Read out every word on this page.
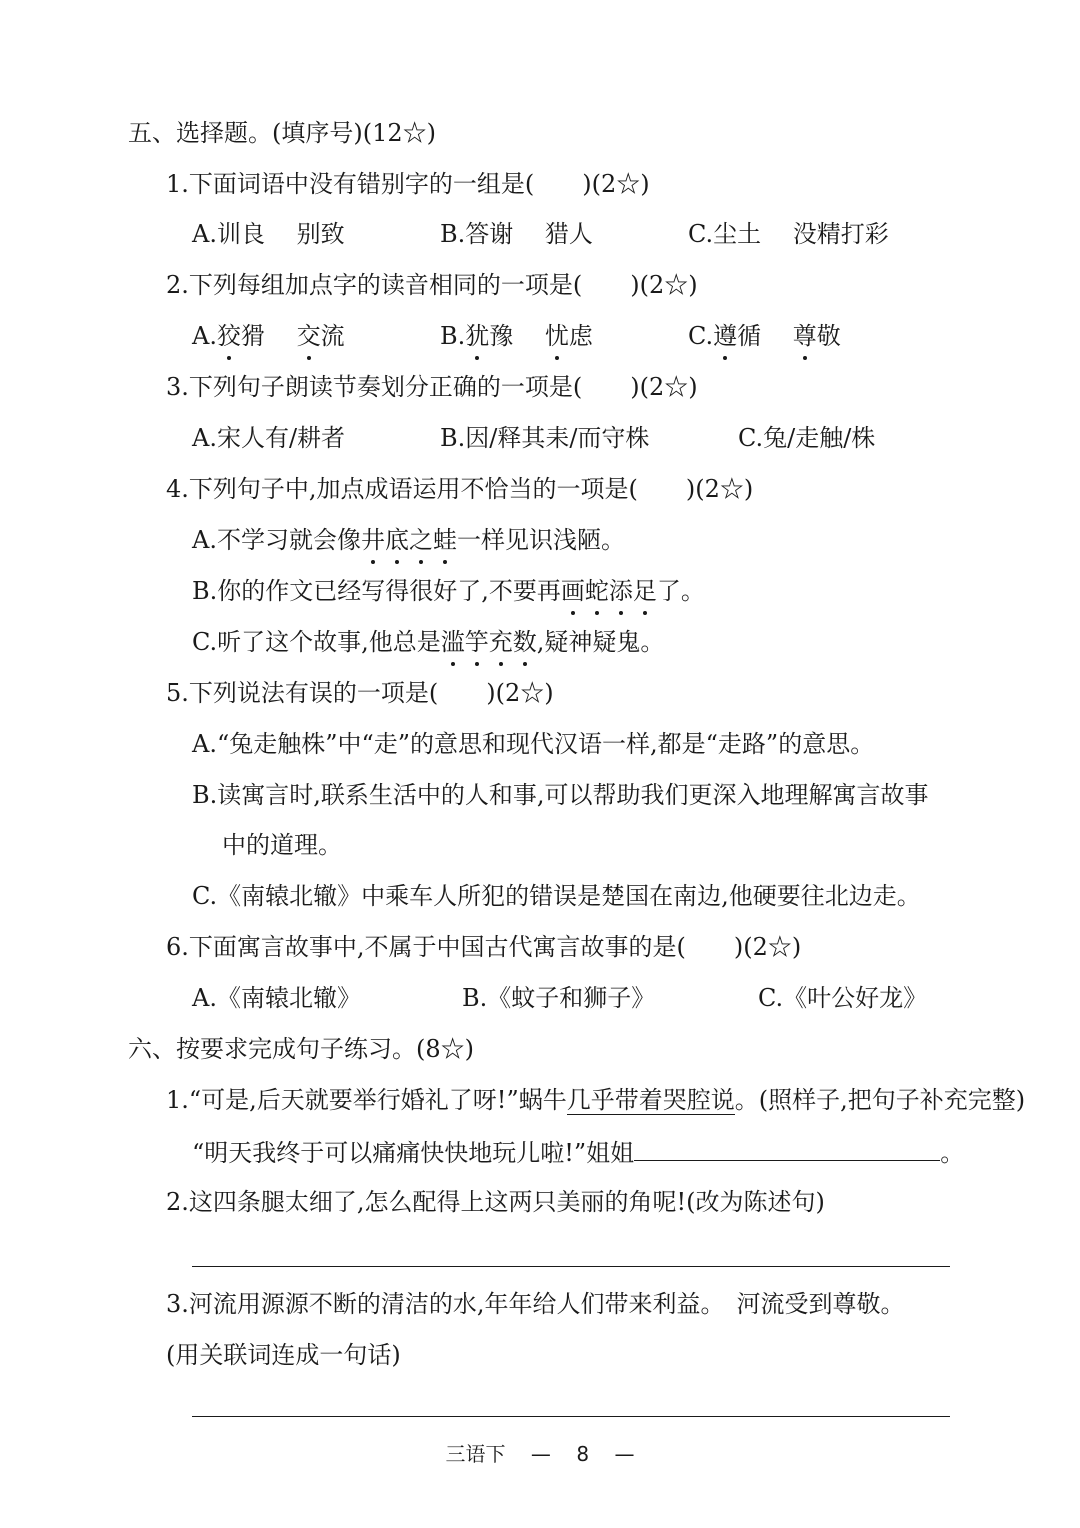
五、选择题。(填序号)(12☆)
1.下面词语中没有错别字的一组是(　　)(2☆)
A.训良　 别致	B.答谢　 猎人	C.尘土　 没精打彩
2.下列每组加点字的读音相同的一项是(　　)(2☆)
A.狡猾　 交流	B.犹豫　 忧虑	C.遵循　 尊敬
3.下列句子朗读节奏划分正确的一项是(　　)(2☆)
A.宋人有/耕者	B.因/释其耒/而守株	C.兔/走触/株
4.下列句子中,加点成语运用不恰当的一项是(　　)(2☆)
A.不学习就会像井底之蛙一样见识浅陋。
B.你的作文已经写得很好了,不要再画蛇添足了。
C.听了这个故事,他总是滥竽充数,疑神疑鬼。
5.下列说法有误的一项是(　　)(2☆)
A.“兔走触株”中“走”的意思和现代汉语一样,都是“走路”的意思。
B.读寓言时,联系生活中的人和事,可以帮助我们更深入地理解寓言故事
中的道理。
C.《南辕北辙》中乘车人所犯的错误是楚国在南边,他硬要往北边走。
6.下面寓言故事中,不属于中国古代寓言故事的是(　　)(2☆)
A.《南辕北辙》	B.《蚊子和狮子》	C.《叶公好龙》
六、按要求完成句子练习。(8☆)
1.“可是,后天就要举行婚礼了呀!”蜗牛几乎带着哭腔说。(照样子,把句子补充完整)
“明天我终于可以痛痛快快地玩儿啦!”姐姐	。
2.这四条腿太细了,怎么配得上这两只美丽的角呢!(改为陈述句)
3.河流用源源不断的清洁的水,年年给人们带来利益。　河流受到尊敬。
(用关联词连成一句话)
三语下 — 8 —
